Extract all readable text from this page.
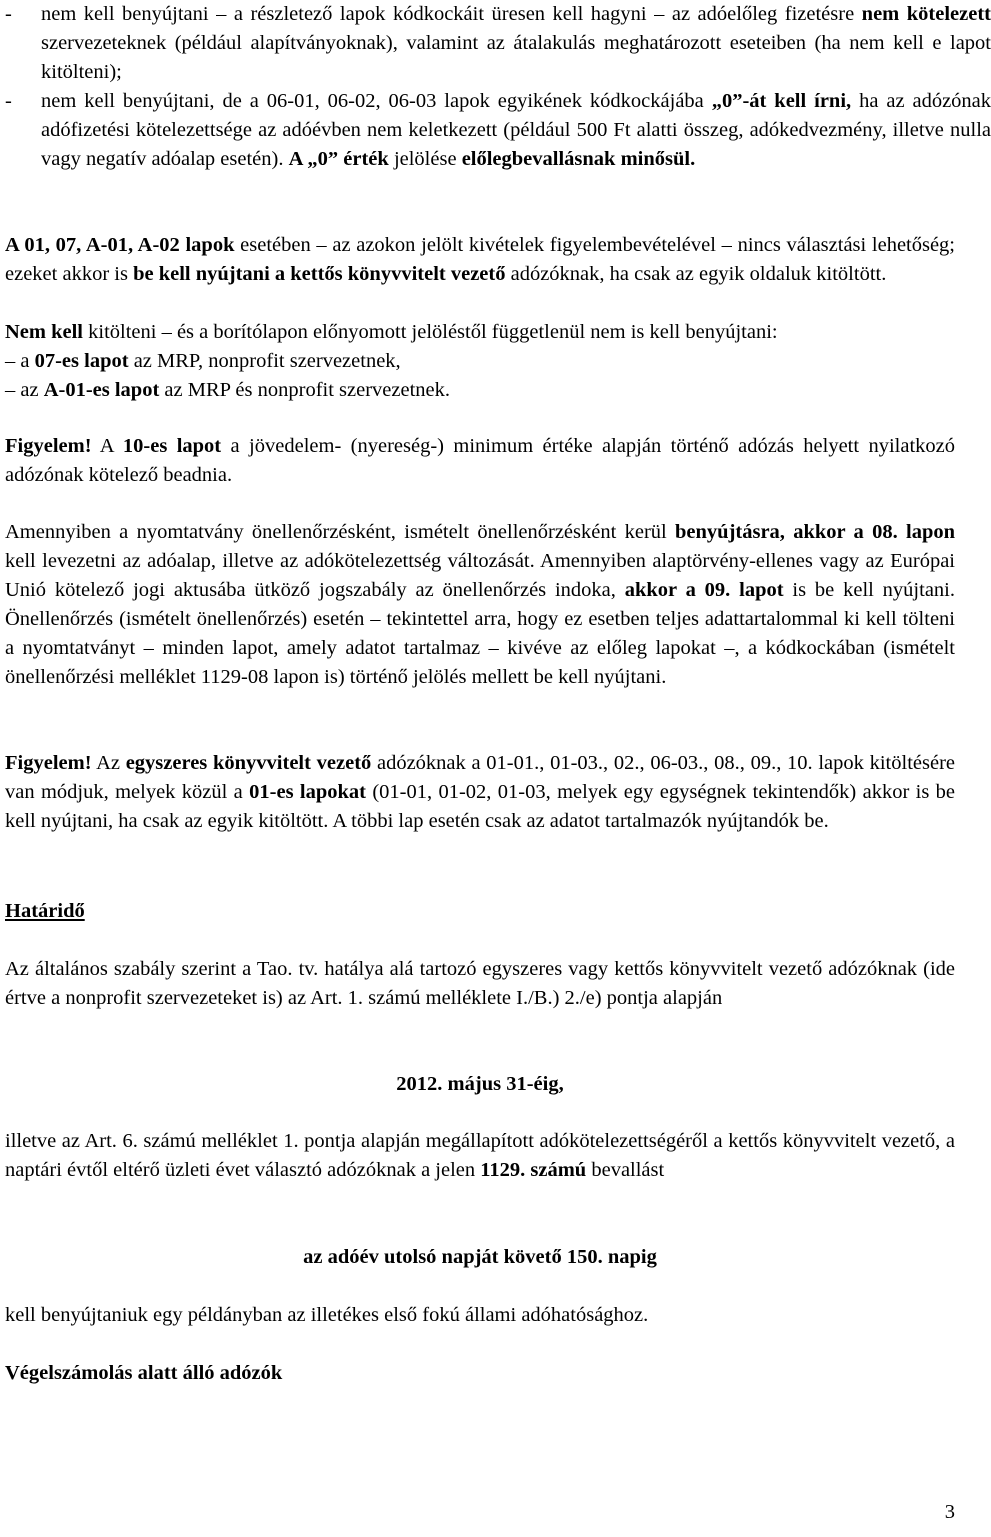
- nem kell benyújtani – a részletező lapok kódkockáit üresen kell hagyni – az adóelőleg fizetésre nem kötelezett szervezeteknek (például alapítványoknak), valamint az átalakulás meghatározott eseteiben (ha nem kell e lapot kitölteni);

- nem kell benyújtani, de a 06-01, 06-02, 06-03 lapok egyikének kódkockájába „0”-át kell írni, ha az adózónak adófizetési kötelezettsége az adóévben nem keletkezett (például 500 Ft alatti összeg, adókedvezmény, illetve nulla vagy negatív adóalap esetén). A „0” érték jelölése előlegbevallásnak minősül.

A 01, 07, A-01, A-02 lapok esetében – az azokon jelölt kivételek figyelembevételével – nincs választási lehetőség; ezeket akkor is be kell nyújtani a kettős könyvvitelt vezető adózóknak, ha csak az egyik oldaluk kitöltött.

Nem kell kitölteni – és a borítólapon előnyomott jelöléstől függetlenül nem is kell benyújtani:

– a 07-es lapot az MRP, nonprofit szervezetnek,

– az A-01-es lapot az MRP és nonprofit szervezetnek.

Figyelem! A 10-es lapot a jövedelem- (nyereség-) minimum értéke alapján történő adózás helyett nyilatkozó adózónak kötelező beadnia.

Amennyiben a nyomtatvány önellenőrzésként, ismételt önellenőrzésként kerül benyújtásra, akkor a 08. lapon kell levezetni az adóalap, illetve az adókötelezettség változását. Amennyiben alaptörvény-ellenes vagy az Európai Unió kötelező jogi aktusába ütköző jogszabály az önellenőrzés indoka, akkor a 09. lapot is be kell nyújtani. Önellenőrzés (ismételt önellenőrzés) esetén – tekintettel arra, hogy ez esetben teljes adattartalommal ki kell tölteni a nyomtatványt – minden lapot, amely adatot tartalmaz – kivéve az előleg lapokat –, a kódkockában (ismételt önellenőrzési melléklet 1129-08 lapon is) történő jelölés mellett be kell nyújtani.

Figyelem! Az egyszeres könyvvitelt vezető adózóknak a 01-01., 01-03., 02., 06-03., 08., 09., 10. lapok kitöltésére van módjuk, melyek közül a 01-es lapokat (01-01, 01-02, 01-03, melyek egy egységnek tekintendők) akkor is be kell nyújtani, ha csak az egyik kitöltött. A többi lap esetén csak az adatot tartalmazók nyújtandók be.

Határidő

Az általános szabály szerint a Tao. tv. hatálya alá tartozó egyszeres vagy kettős könyvvitelt vezető adózóknak (ide értve a nonprofit szervezeteket is) az Art. 1. számú melléklete I./B.) 2./e) pontja alapján

2012. május 31-éig,

illetve az Art. 6. számú melléklet 1. pontja alapján megállapított adókötelezettségéről a kettős könyvvitelt vezető, a naptári évtől eltérő üzleti évet választó adózóknak a jelen 1129. számú bevallást

az adóév utolsó napját követő 150. napig

kell benyújtaniuk egy példányban az illetékes első fokú állami adóhatósághoz.

Végelszámolás alatt álló adózók

3
